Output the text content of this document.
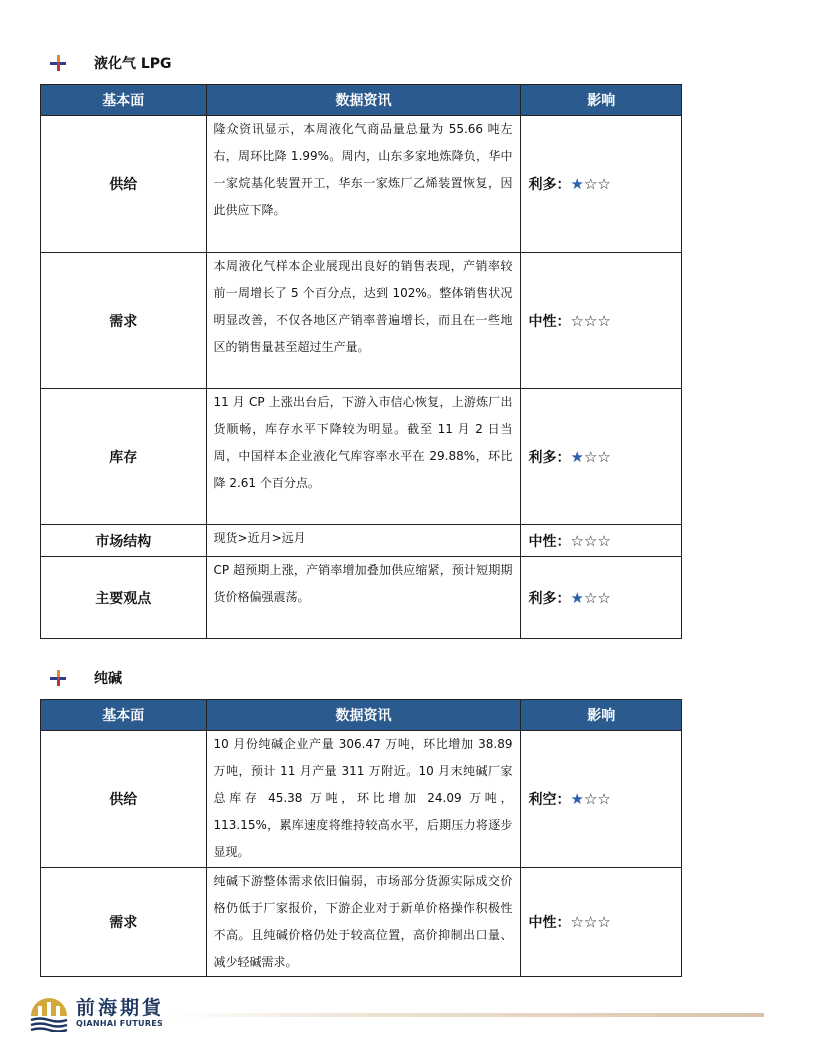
液化气 LPG
基本面	数据资讯	影响
供给	隆众资讯显示，本周液化气商品量总量为 55.66 吨左右，周环比降 1.99%。周内，山东多家地炼降负，华中一家烷基化装置开工，华东一家炼厂乙烯装置恢复，因此供应下降。	利多：★☆☆
需求	本周液化气样本企业展现出良好的销售表现，产销率较前一周增长了 5 个百分点，达到 102%。整体销售状况明显改善，不仅各地区产销率普遍增长，而且在一些地区的销售量甚至超过生产量。	中性：☆☆☆
库存	11 月 CP 上涨出台后，下游入市信心恢复，上游炼厂出货顺畅，库存水平下降较为明显。截至 11 月 2 日当周，中国样本企业液化气库容率水平在 29.88%，环比降 2.61 个百分点。	利多：★☆☆
市场结构	现货>近月>远月	中性：☆☆☆
主要观点	CP 超预期上涨，产销率增加叠加供应缩紧，预计短期期货价格偏强震荡。	利多：★☆☆
纯碱
基本面	数据资讯	影响
供给	10 月份纯碱企业产量 306.47 万吨，环比增加 38.89 万吨，预计 11 月产量 311 万附近。10 月末纯碱厂家总库存 45.38 万吨，环比增加 24.09 万吨， 113.15%，累库速度将维持较高水平，后期压力将逐步显现。	利空：★☆☆
需求	纯碱下游整体需求依旧偏弱，市场部分货源实际成交价格仍低于厂家报价，下游企业对于新单价格操作积极性不高。且纯碱价格仍处于较高位置，高价抑制出口量、减少轻碱需求。	中性：☆☆☆
前海期貨
QIANHAI FUTURES
